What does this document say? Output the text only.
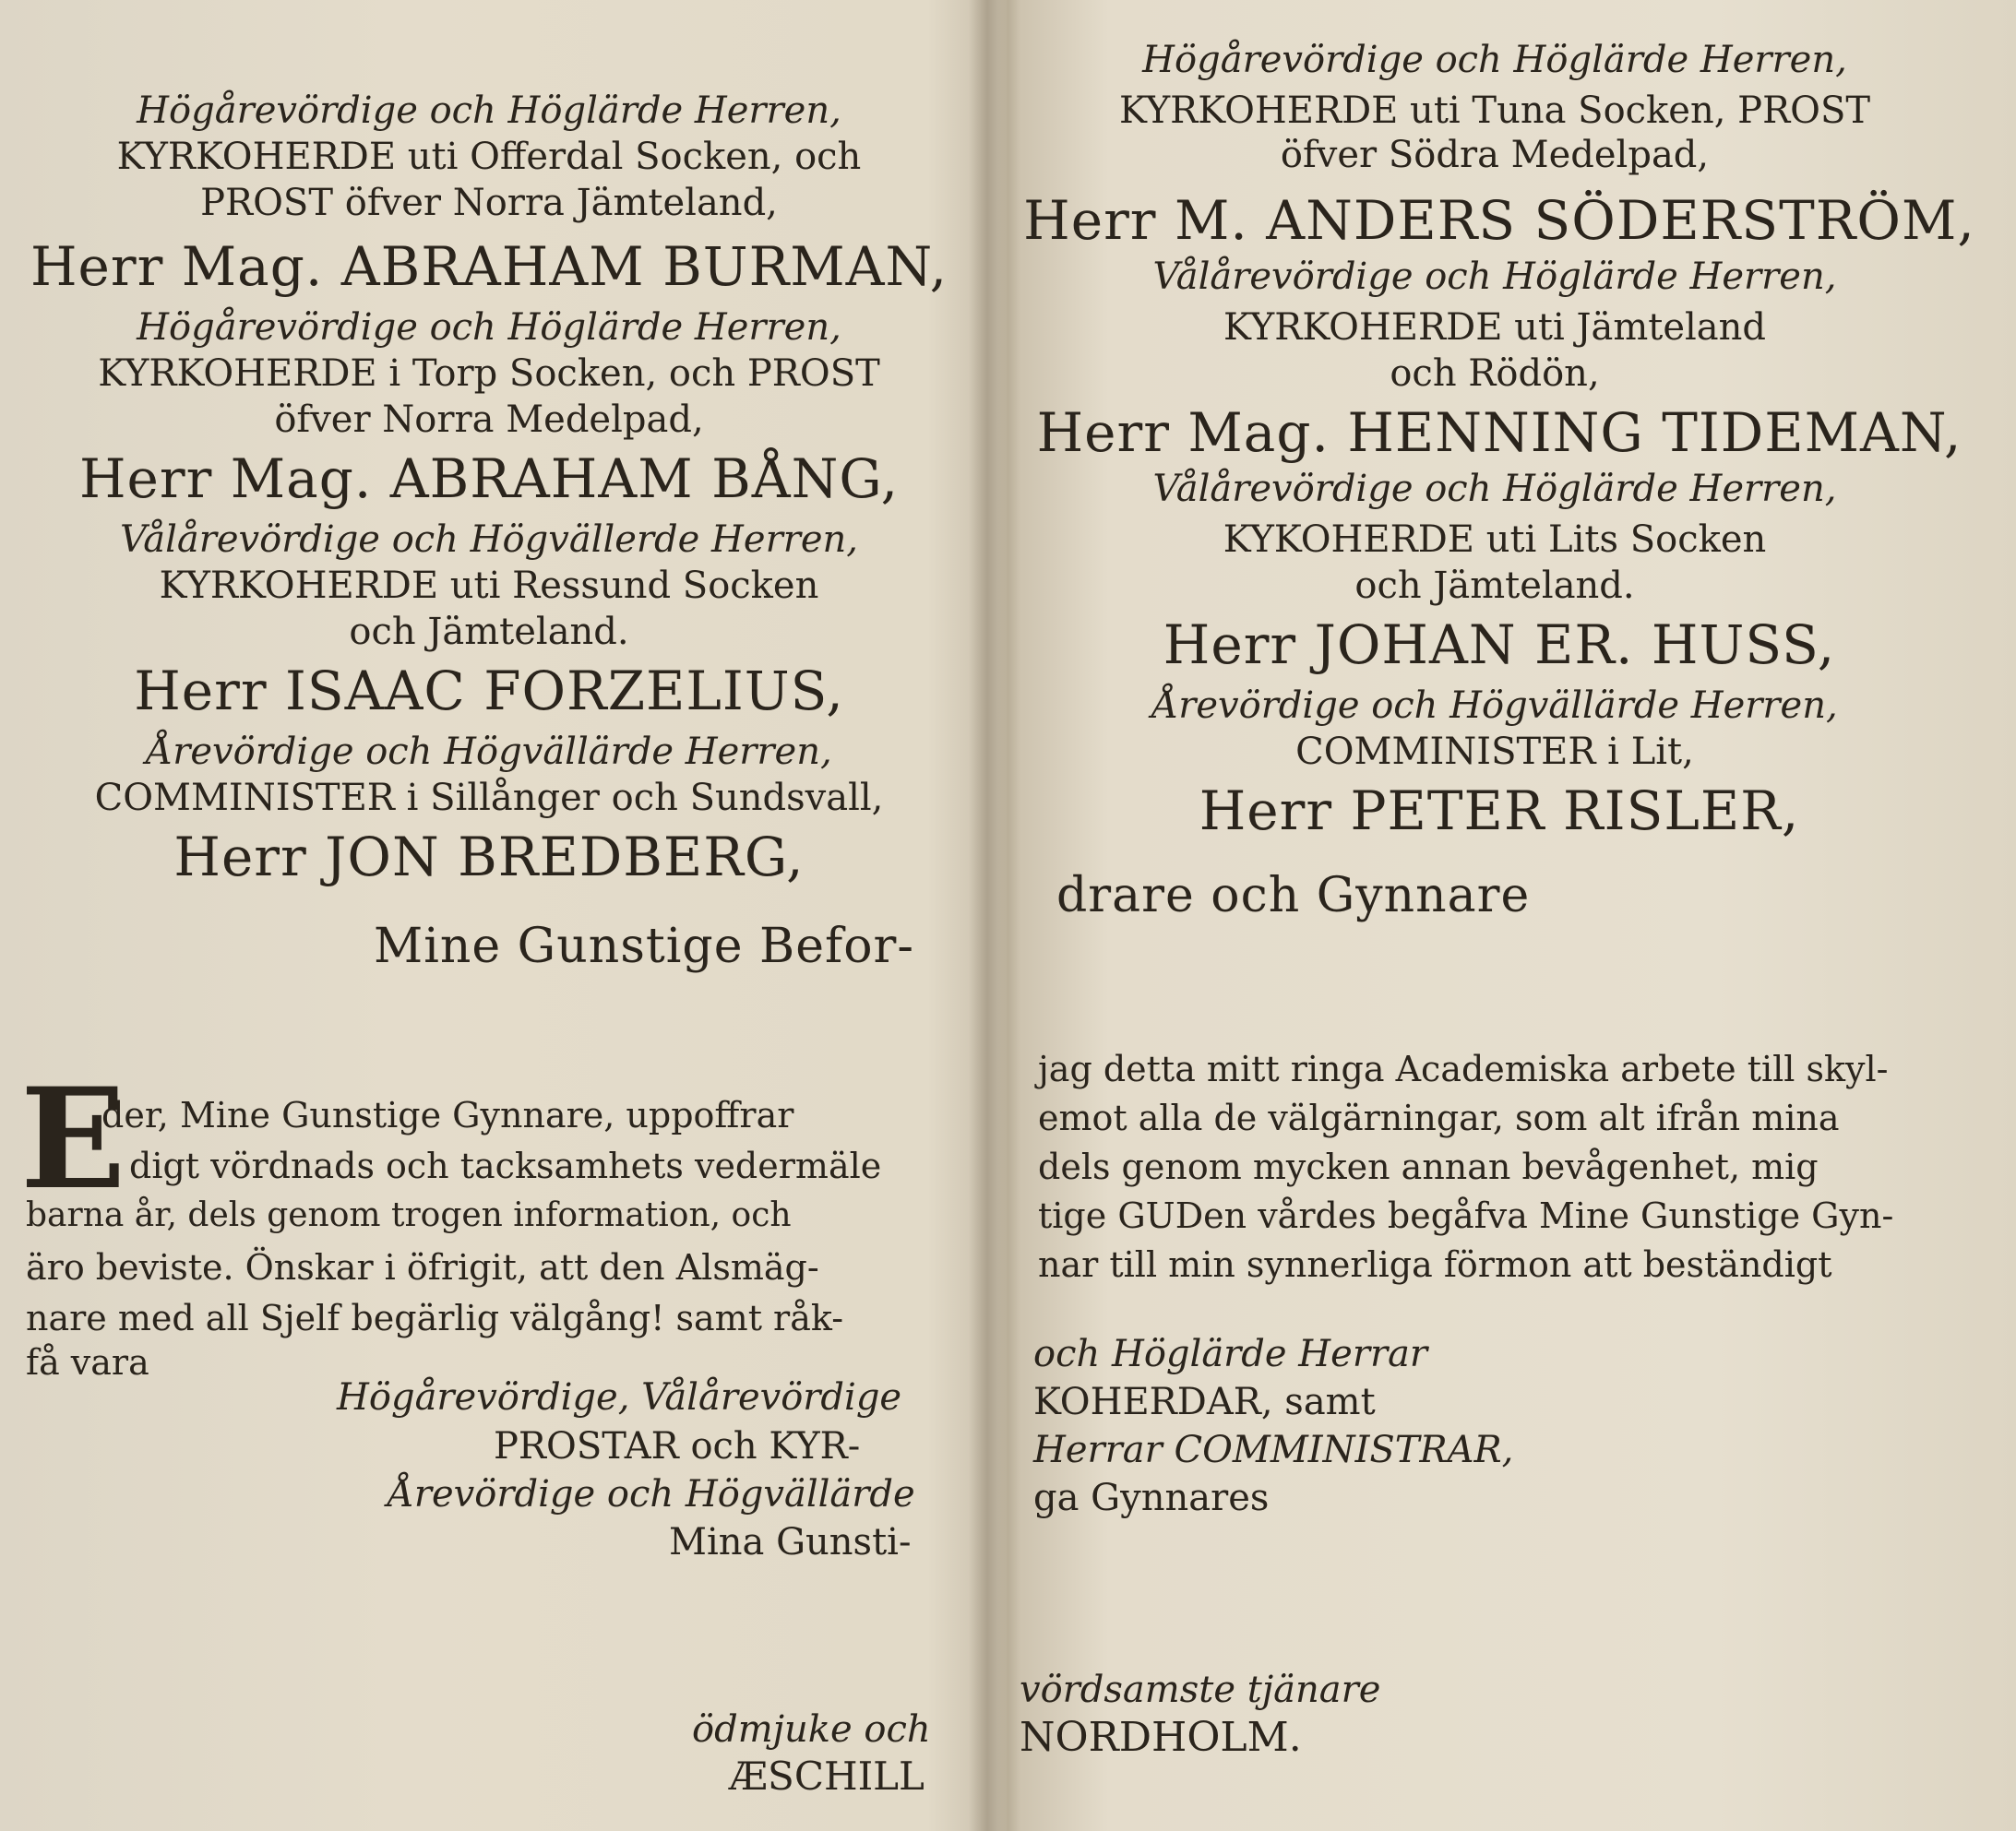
Högårevördige och Höglärde Herren,
KYRKOHERDE uti Offerdal Socken, och
PROST öfver Norra Jämteland,
Herr Mag. ABRAHAM BURMAN,
Högårevördige och Höglärde Herren,
KYRKOHERDE i Torp Socken, och PROST
öfver Norra Medelpad,
Herr Mag. ABRAHAM BÅNG,
Vålårevördige och Högvällerde Herren,
KYRKOHERDE uti Ressund Socken
och Jämteland.
Herr ISAAC FORZELIUS,
Årevördige och Högvällärde Herren,
COMMINISTER i Sillånger och Sundsvall,
Herr JON BREDBERG,
Mine Gunstige Befor-
E
der, Mine Gunstige Gynnare, uppoffrar
digt vördnads och tacksamhets vedermäle
barna år, dels genom trogen information, och
äro beviste. Önskar i öfrigit, att den Alsmäg-
nare med all Sjelf begärlig välgång! samt råk-
få vara
Högårevördige, Vålårevördige
PROSTAR och KYR-
Årevördige och Högvällärde
Mina Gunsti-
ödmjuke och
ÆSCHILL
Högårevördige och Höglärde Herren,
KYRKOHERDE uti Tuna Socken, PROST
öfver Södra Medelpad,
Herr M. ANDERS SÖDERSTRÖM,
Vålårevördige och Höglärde Herren,
KYRKOHERDE uti Jämteland
och Rödön,
Herr Mag. HENNING TIDEMAN,
Vålårevördige och Höglärde Herren,
KYKOHERDE uti Lits Socken
och Jämteland.
Herr JOHAN ER. HUSS,
Årevördige och Högvällärde Herren,
COMMINISTER i Lit,
Herr PETER RISLER,
drare och Gynnare
jag detta mitt ringa Academiska arbete till skyl-
emot alla de välgärningar, som alt ifrån mina
dels genom mycken annan bevågenhet, mig
tige GUDen vårdes begåfva Mine Gunstige Gyn-
nar till min synnerliga förmon att beständigt
och Höglärde Herrar
KOHERDAR, samt
Herrar COMMINISTRAR,
ga Gynnares
vördsamste tjänare
NORDHOLM.
